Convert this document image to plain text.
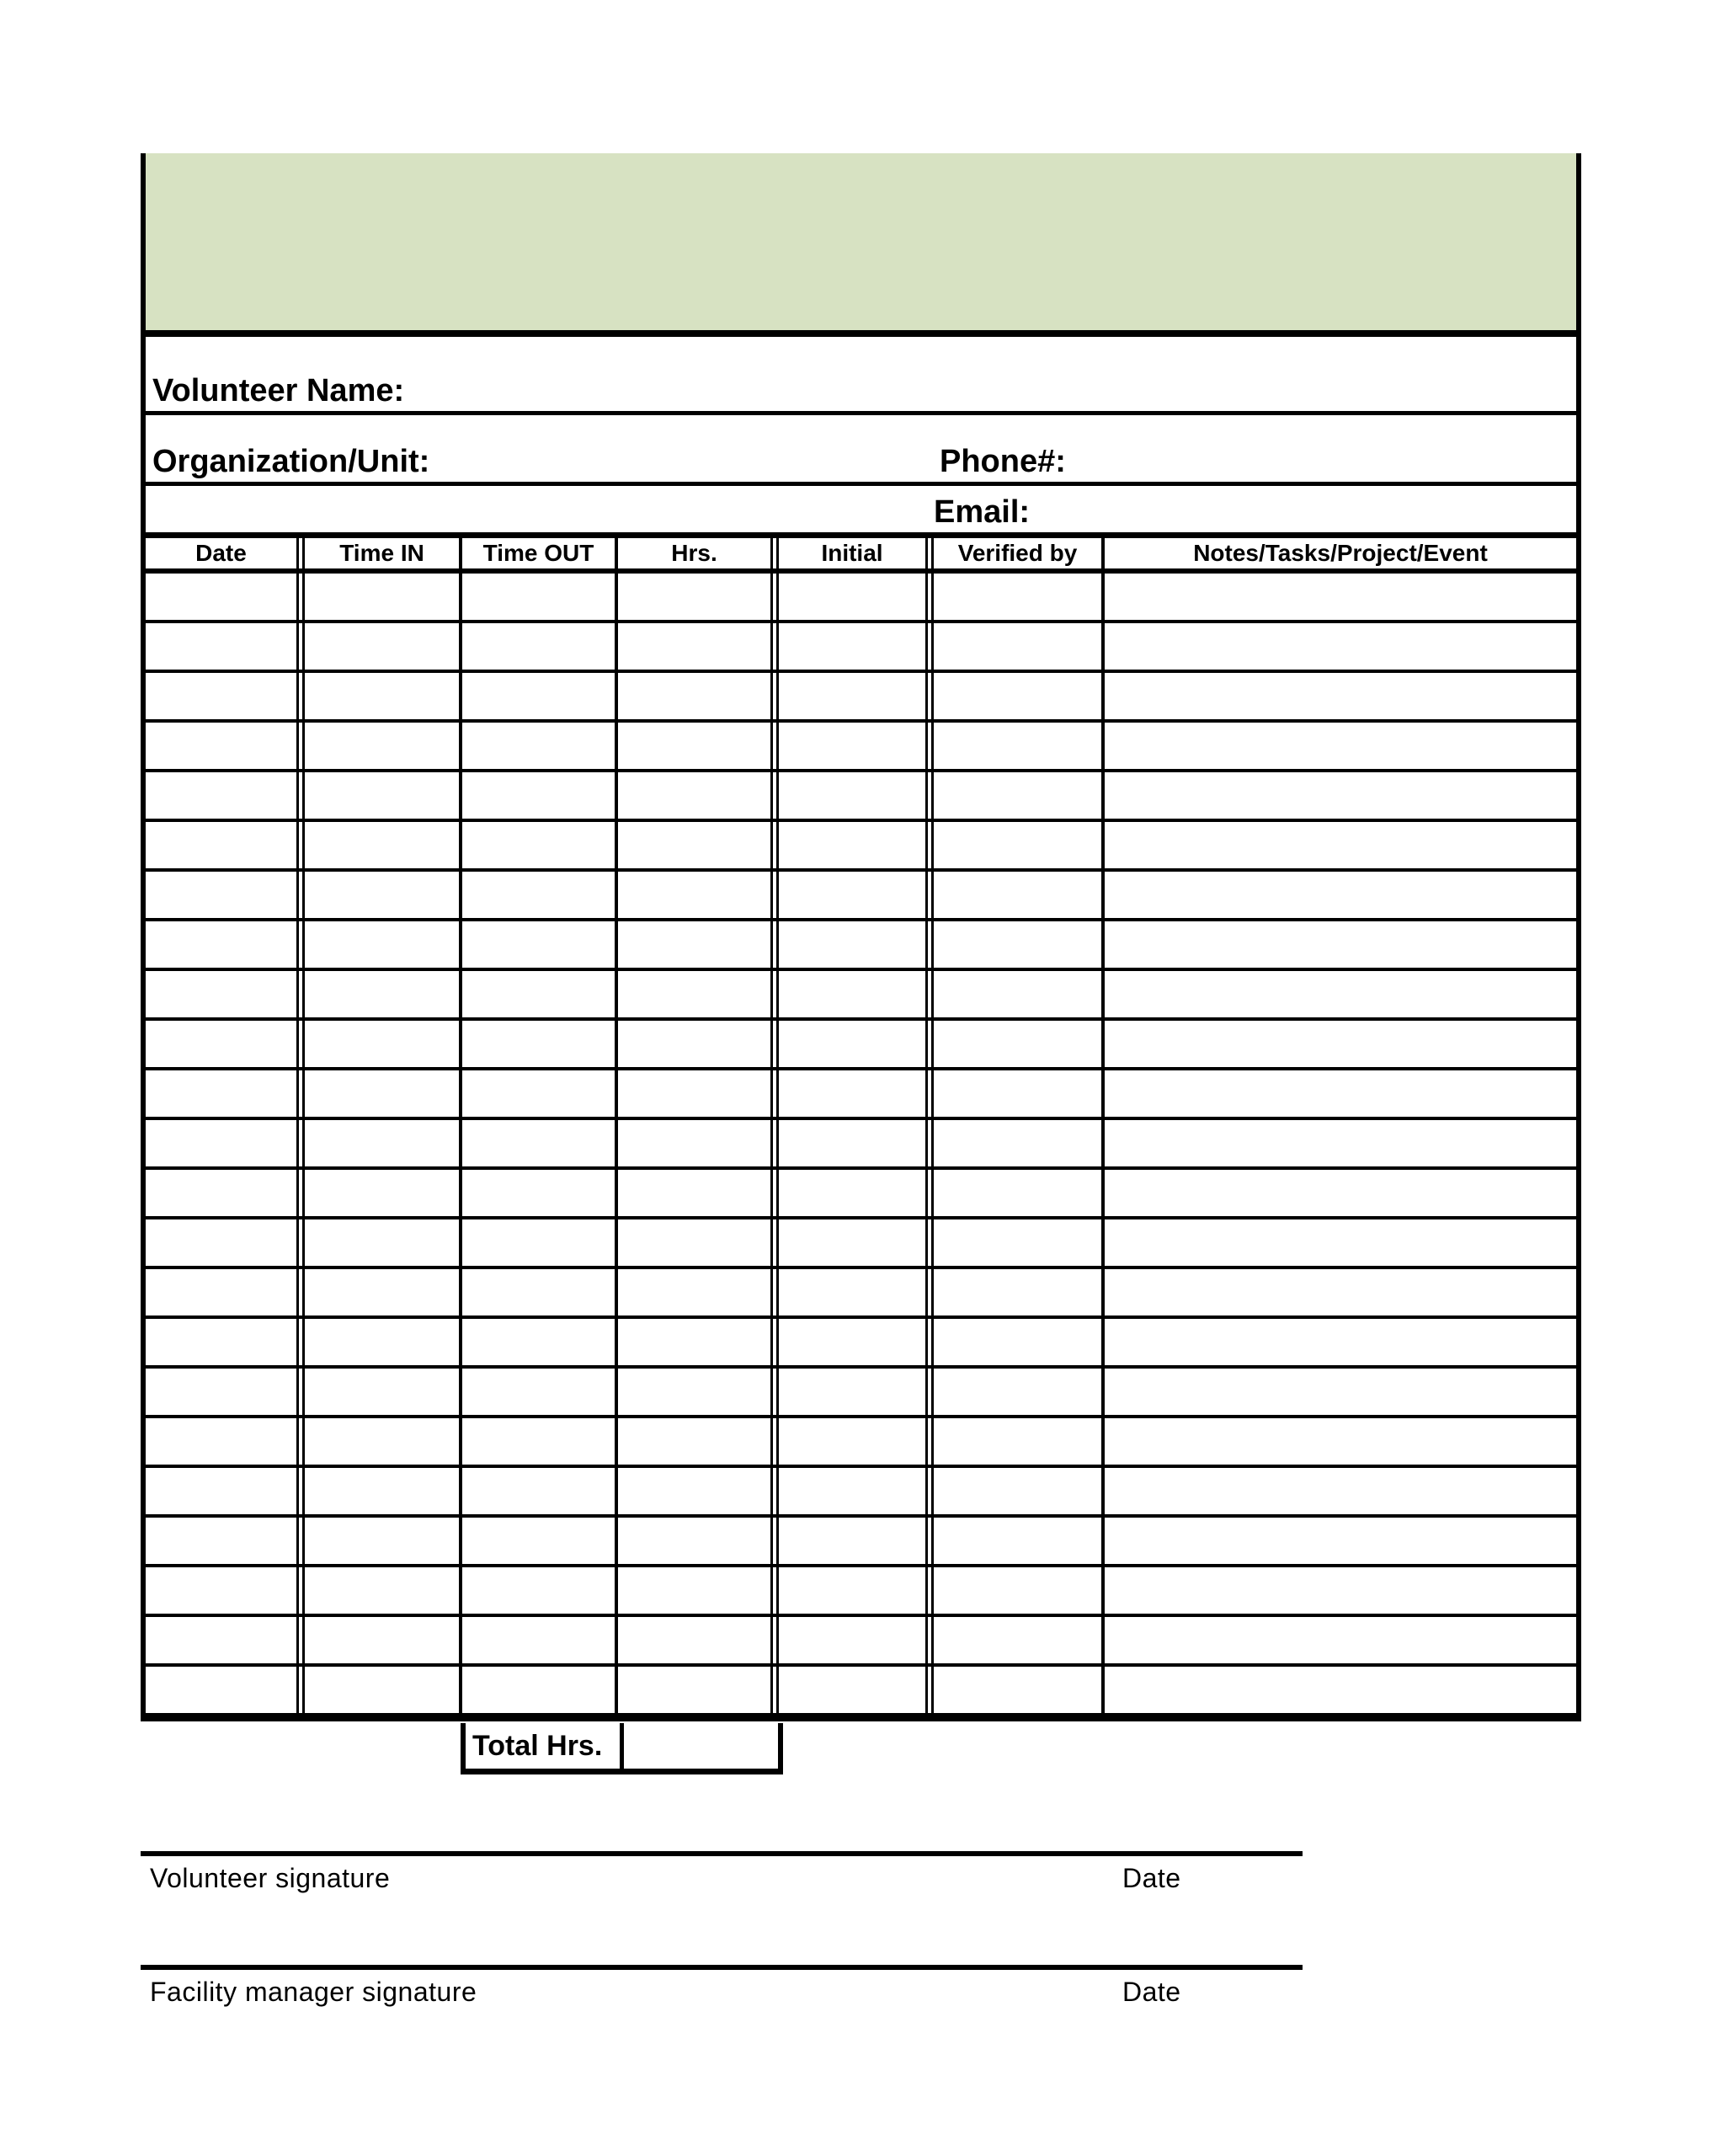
Volunteer Name:
Organization/Unit:	Phone#:
Email:
Date	Time IN	Time OUT	Hrs.	Initial	Verified by	Notes/Tasks/Project/Event
Total Hrs.
Volunteer signature	Date
Facility manager signature	Date
